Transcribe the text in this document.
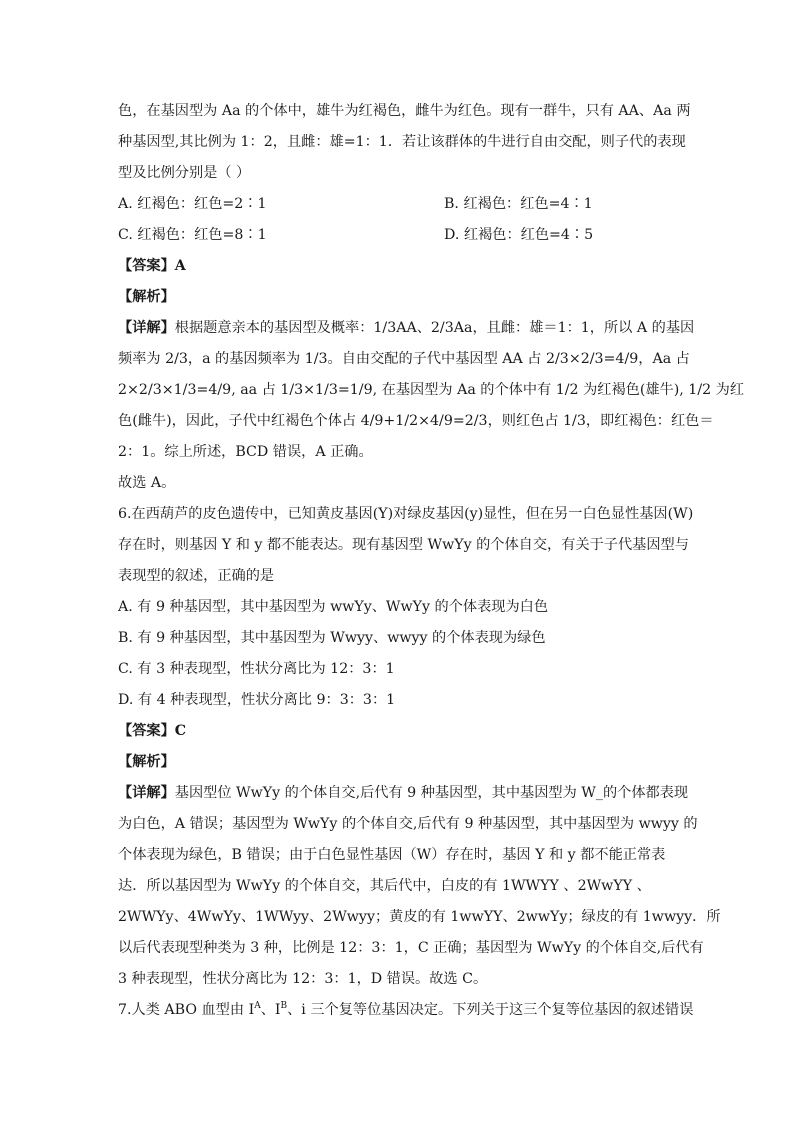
色，在基因型为 Aa 的个体中，雄牛为红褐色，雌牛为红色。现有一群牛，只有 AA、Aa 两
种基因型,其比例为 1：2，且雌：雄=1：1．若让该群体的牛进行自由交配，则子代的表现
型及比例分别是（ ）
A. 红褐色：红色=2∶1	B. 红褐色：红色=4∶1
C. 红褐色：红色=8∶1	D. 红褐色：红色=4∶5
【答案】A
【解析】
【详解】根据题意亲本的基因型及概率：1/3AA、2/3Aa，且雌：雄＝1：1，所以 A 的基因
频率为 2/3，a 的基因频率为 1/3。自由交配的子代中基因型 AA 占 2/3×2/3=4/9，Aa 占
2×2/3×1/3=4/9, aa 占 1/3×1/3=1/9, 在基因型为 Aa 的个体中有 1/2 为红褐色(雄牛), 1/2 为红
色(雌牛)，因此，子代中红褐色个体占 4/9+1/2×4/9=2/3，则红色占 1/3，即红褐色：红色＝
2：1。综上所述，BCD 错误，A 正确。
故选 A。
6.在西葫芦的皮色遗传中，已知黄皮基因(Y)对绿皮基因(y)显性，但在另一白色显性基因(W)
存在时，则基因 Y 和 y 都不能表达。现有基因型 WwYy 的个体自交，有关于子代基因型与
表现型的叙述，正确的是
A. 有 9 种基因型，其中基因型为 wwYy、WwYy 的个体表现为白色
B. 有 9 种基因型，其中基因型为 Wwyy、wwyy 的个体表现为绿色
C. 有 3 种表现型，性状分离比为 12：3：1
D. 有 4 种表现型，性状分离比 9：3：3：1
【答案】C
【解析】
【详解】基因型位 WwYy 的个体自交,后代有 9 种基因型，其中基因型为 W_的个体都表现
为白色，A 错误；基因型为 WwYy 的个体自交,后代有 9 种基因型，其中基因型为 wwyy 的
个体表现为绿色，B 错误；由于白色显性基因（W）存在时，基因 Y 和 y 都不能正常表
达．所以基因型为 WwYy 的个体自交，其后代中，白皮的有 1WWYY 、2WwYY 、
2WWYy、4WwYy、1WWyy、2Wwyy；黄皮的有 1wwYY、2wwYy；绿皮的有 1wwyy．所
以后代表现型种类为 3 种，比例是 12：3：1，C 正确；基因型为 WwYy 的个体自交,后代有
3 种表现型，性状分离比为 12：3：1，D 错误。故选 C。
7.人类 ABO 血型由 $I^A$、$I^B$、i 三个复等位基因决定。下列关于这三个复等位基因的叙述错误
